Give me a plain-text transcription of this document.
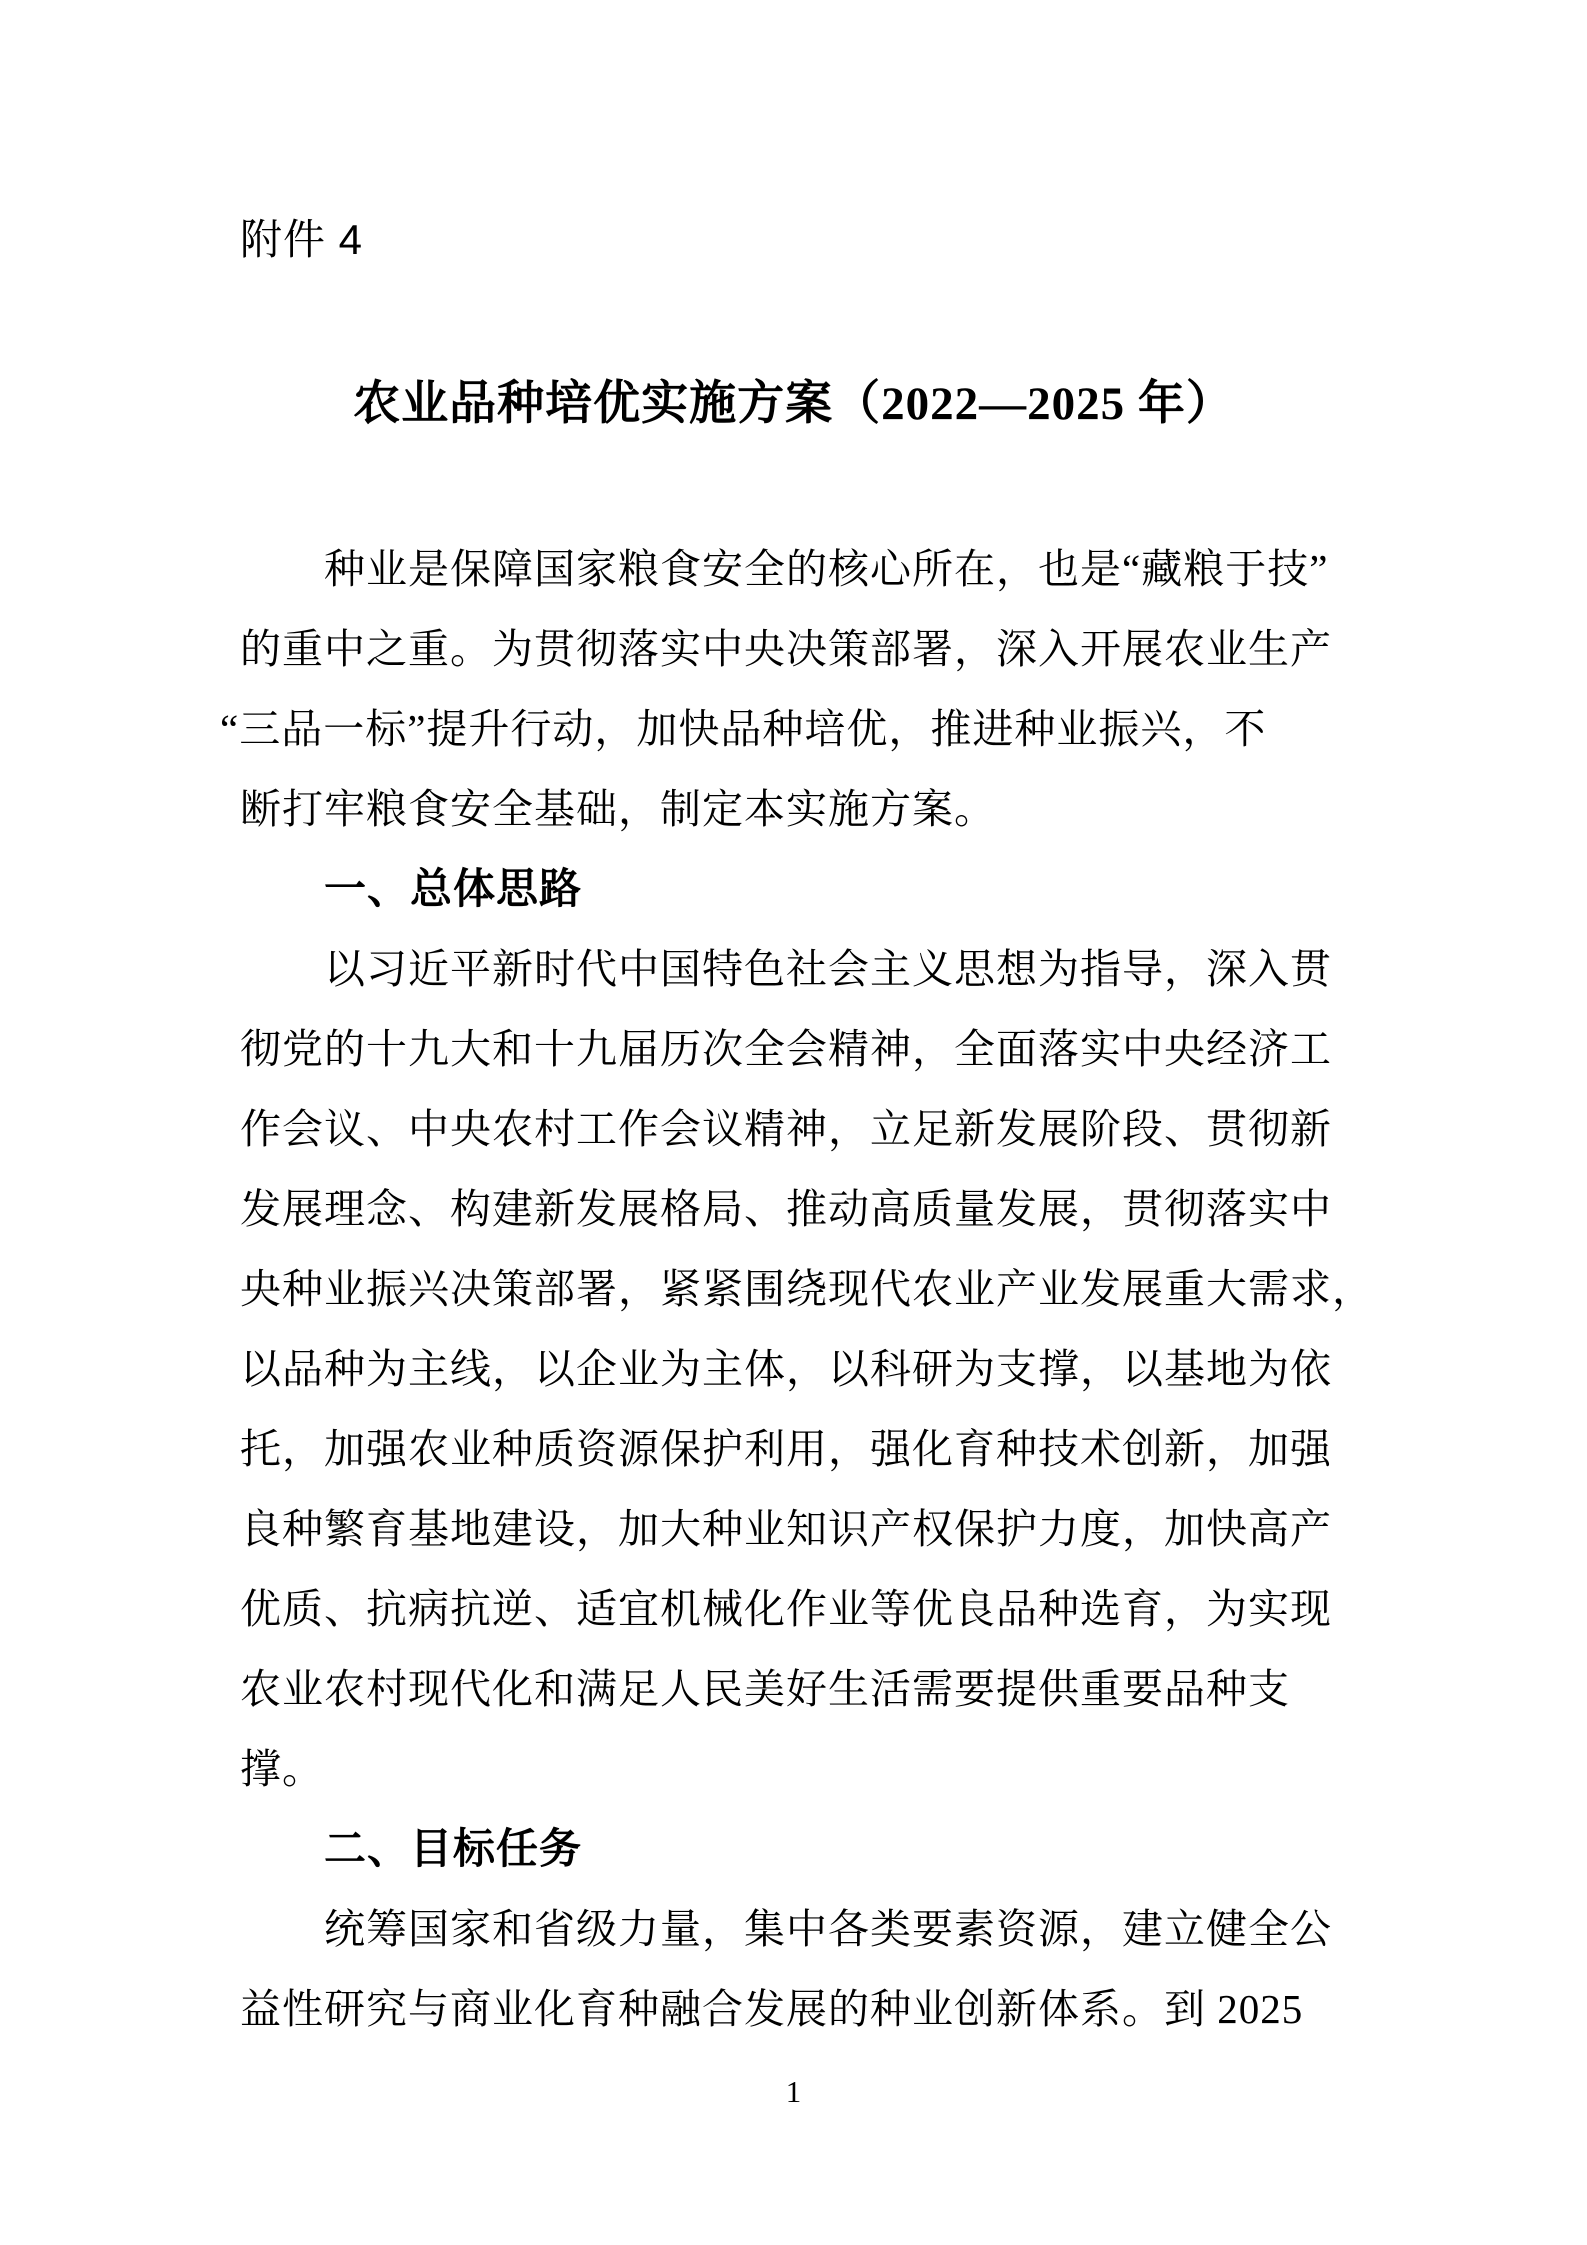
附件 4
农业品种培优实施方案（2022—2025 年）
种业是保障国家粮食安全的核心所在，也是“藏粮于技”
的重中之重。为贯彻落实中央决策部署，深入开展农业生产
“三品一标”提升行动，加快品种培优，推进种业振兴，不
断打牢粮食安全基础，制定本实施方案。
一、总体思路
以习近平新时代中国特色社会主义思想为指导，深入贯
彻党的十九大和十九届历次全会精神，全面落实中央经济工
作会议、中央农村工作会议精神，立足新发展阶段、贯彻新
发展理念、构建新发展格局、推动高质量发展，贯彻落实中
央种业振兴决策部署，紧紧围绕现代农业产业发展重大需求，
以品种为主线，以企业为主体，以科研为支撑，以基地为依
托，加强农业种质资源保护利用，强化育种技术创新，加强
良种繁育基地建设，加大种业知识产权保护力度，加快高产
优质、抗病抗逆、适宜机械化作业等优良品种选育，为实现
农业农村现代化和满足人民美好生活需要提供重要品种支
撑。
二、目标任务
统筹国家和省级力量，集中各类要素资源，建立健全公
益性研究与商业化育种融合发展的种业创新体系。到 2025
1
